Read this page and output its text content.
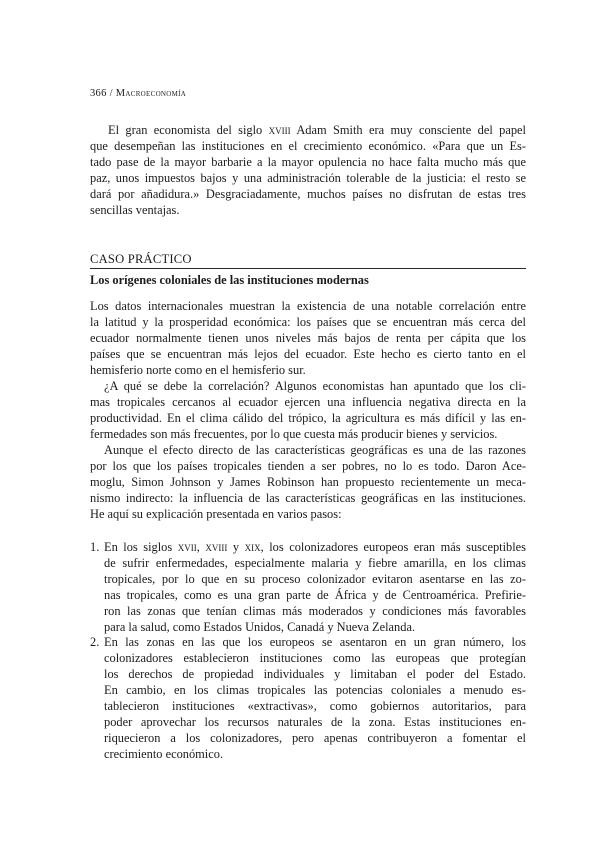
366 / Macroeconomía
El gran economista del siglo xviii Adam Smith era muy consciente del papel
que desempeñan las instituciones en el crecimiento económico. «Para que un Es-
tado pase de la mayor barbarie a la mayor opulencia no hace falta mucho más que
paz, unos impuestos bajos y una administración tolerable de la justicia: el resto se
dará por añadidura.» Desgraciadamente, muchos países no disfrutan de estas tres
sencillas ventajas.
CASO PRÁCTICO
Los orígenes coloniales de las instituciones modernas
Los datos internacionales muestran la existencia de una notable correlación entre
la latitud y la prosperidad económica: los países que se encuentran más cerca del
ecuador normalmente tienen unos niveles más bajos de renta per cápita que los
países que se encuentran más lejos del ecuador. Este hecho es cierto tanto en el
hemisferio norte como en el hemisferio sur.
¿A qué se debe la correlación? Algunos economistas han apuntado que los cli-
mas tropicales cercanos al ecuador ejercen una influencia negativa directa en la
productividad. En el clima cálido del trópico, la agricultura es más difícil y las en-
fermedades son más frecuentes, por lo que cuesta más producir bienes y servicios.
Aunque el efecto directo de las características geográficas es una de las razones
por los que los países tropicales tienden a ser pobres, no lo es todo. Daron Ace-
moglu, Simon Johnson y James Robinson han propuesto recientemente un meca-
nismo indirecto: la influencia de las características geográficas en las instituciones.
He aquí su explicación presentada en varios pasos:
1. En los siglos xvii, xviii y xix, los colonizadores europeos eran más susceptibles
de sufrir enfermedades, especialmente malaria y fiebre amarilla, en los climas
tropicales, por lo que en su proceso colonizador evitaron asentarse en las zo-
nas tropicales, como es una gran parte de África y de Centroamérica. Prefirie-
ron las zonas que tenían climas más moderados y condiciones más favorables
para la salud, como Estados Unidos, Canadá y Nueva Zelanda.
2. En las zonas en las que los europeos se asentaron en un gran número, los
colonizadores establecieron instituciones como las europeas que protegían
los derechos de propiedad individuales y limitaban el poder del Estado.
En cambio, en los climas tropicales las potencias coloniales a menudo es-
tablecieron instituciones «extractivas», como gobiernos autoritarios, para
poder aprovechar los recursos naturales de la zona. Estas instituciones en-
riquecieron a los colonizadores, pero apenas contribuyeron a fomentar el
crecimiento económico.
